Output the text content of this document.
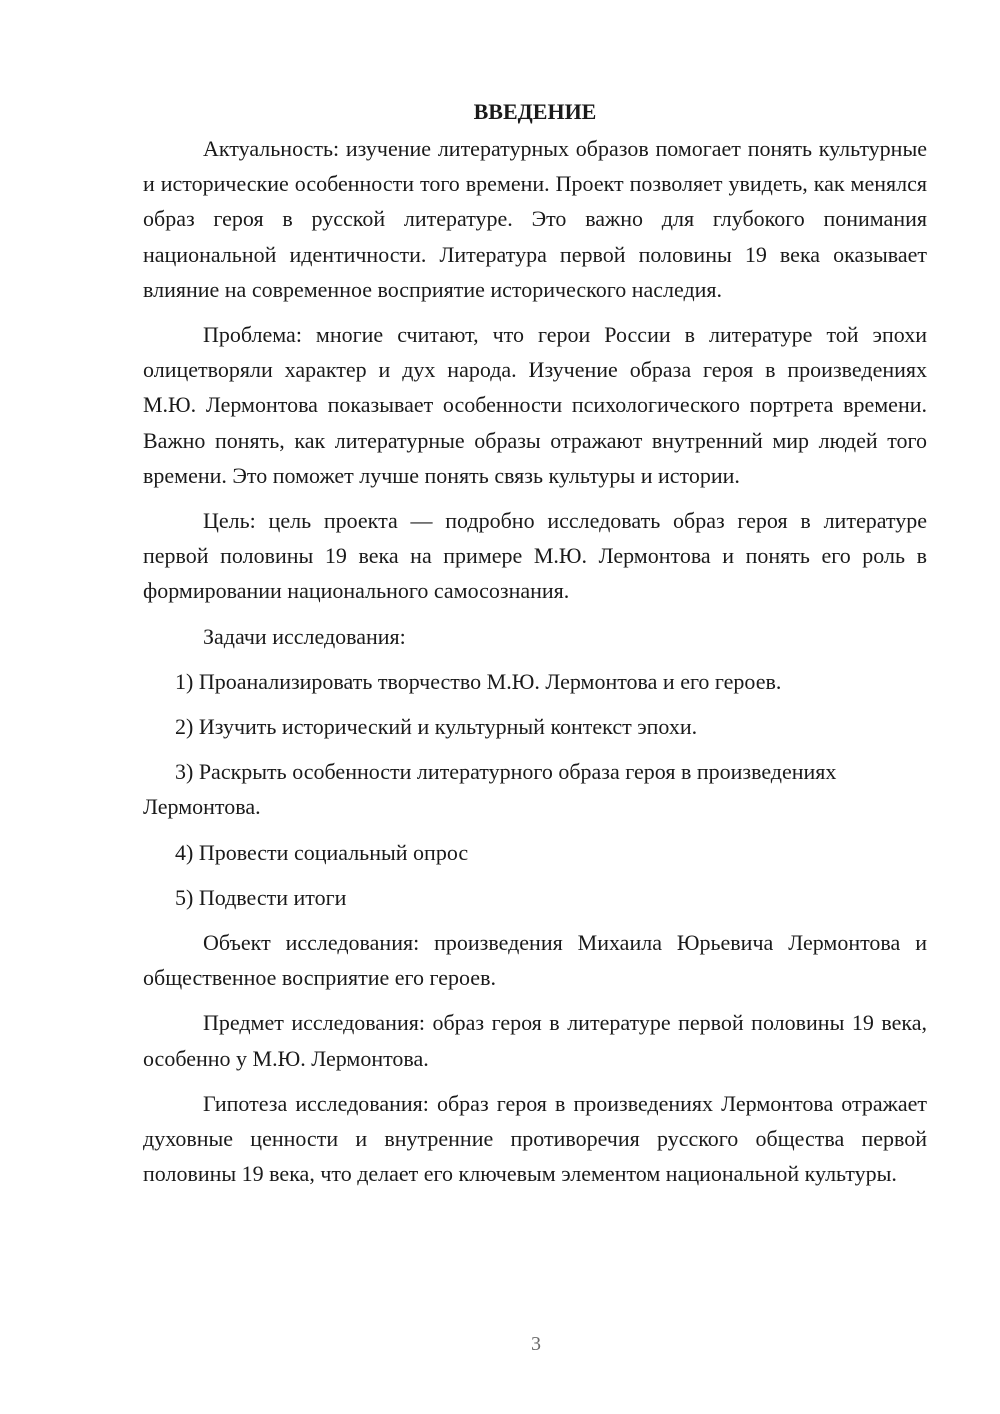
ВВЕДЕНИЕ

Актуальность: изучение литературных образов помогает понять культурные и исторические особенности того времени. Проект позволяет увидеть, как менялся образ героя в русской литературе. Это важно для глубокого понимания национальной идентичности. Литература первой половины 19 века оказывает влияние на современное восприятие исторического наследия.

Проблема: многие считают, что герои России в литературе той эпохи олицетворяли характер и дух народа. Изучение образа героя в произведениях М.Ю. Лермонтова показывает особенности психологического портрета времени. Важно понять, как литературные образы отражают внутренний мир людей того времени. Это поможет лучше понять связь культуры и истории.

Цель: цель проекта — подробно исследовать образ героя в литературе первой половины 19 века на примере М.Ю. Лермонтова и понять его роль в формировании национального самосознания.

Задачи исследования:

1) Проанализировать творчество М.Ю. Лермонтова и его героев.

2) Изучить исторический и культурный контекст эпохи.

3) Раскрыть особенности литературного образа героя в произведениях Лермонтова.

4) Провести социальный опрос

5) Подвести итоги

Объект исследования: произведения Михаила Юрьевича Лермонтова и общественное восприятие его героев.

Предмет исследования: образ героя в литературе первой половины 19 века, особенно у М.Ю. Лермонтова.

Гипотеза исследования: образ героя в произведениях Лермонтова отражает духовные ценности и внутренние противоречия русского общества первой половины 19 века, что делает его ключевым элементом национальной культуры.

3
